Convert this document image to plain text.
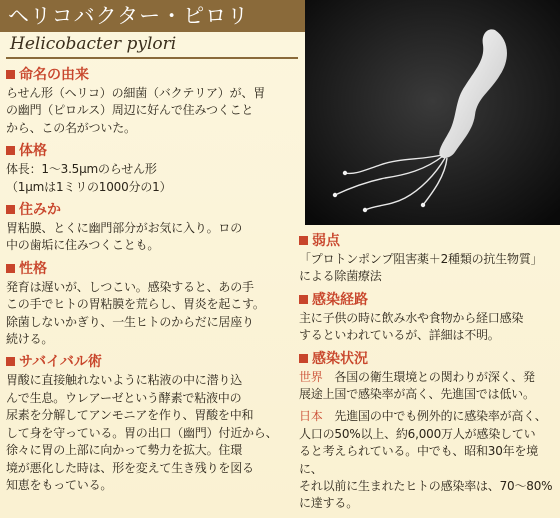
ヘリコバクター・ピロリ
Helicobacter pylori
命名の由来
らせん形（ヘリコ）の細菌（バクテリア）が、胃
の幽門（ピロルス）周辺に好んで住みつくこと
から、この名がついた。
体格
体長：1〜3.5μmのらせん形
（1μmは1ミリの1000分の1）
住みか
胃粘膜、とくに幽門部分がお気に入り。ロの
中の歯垢に住みつくことも。
性格
発育は遅いが、しつこい。感染すると、あの手
この手でヒトの胃粘膜を荒らし、胃炎を起こす。
除菌しないかぎり、一生ヒトのからだに居座り
続ける。
サバイバル術
胃酸に直接触れないように粘液の中に潜り込
んで生息。ウレアーゼという酵素で粘液中の
尿素を分解してアンモニアを作り、胃酸を中和
して身を守っている。胃の出口（幽門）付近から、
徐々に胃の上部に向かって勢力を拡大。住環
境が悪化した時は、形を変えて生き残りを図る
知恵をもっている。
弱点
「プロトンポンプ阻害薬＋2種類の抗生物質」
による除菌療法
感染経路
主に子供の時に飲み水や食物から経口感染
するといわれているが、詳細は不明。
感染状況
世界　 各国の衛生環境との関わりが深く、発
展途上国で感染率が高く、先進国では低い。
日本　 先進国の中でも例外的に感染率が高く、
人口の50%以上、約6,000万人が感染してい
ると考えられている。中でも、昭和30年を境に、
それ以前に生まれたヒトの感染率は、70〜80%
に達する。
